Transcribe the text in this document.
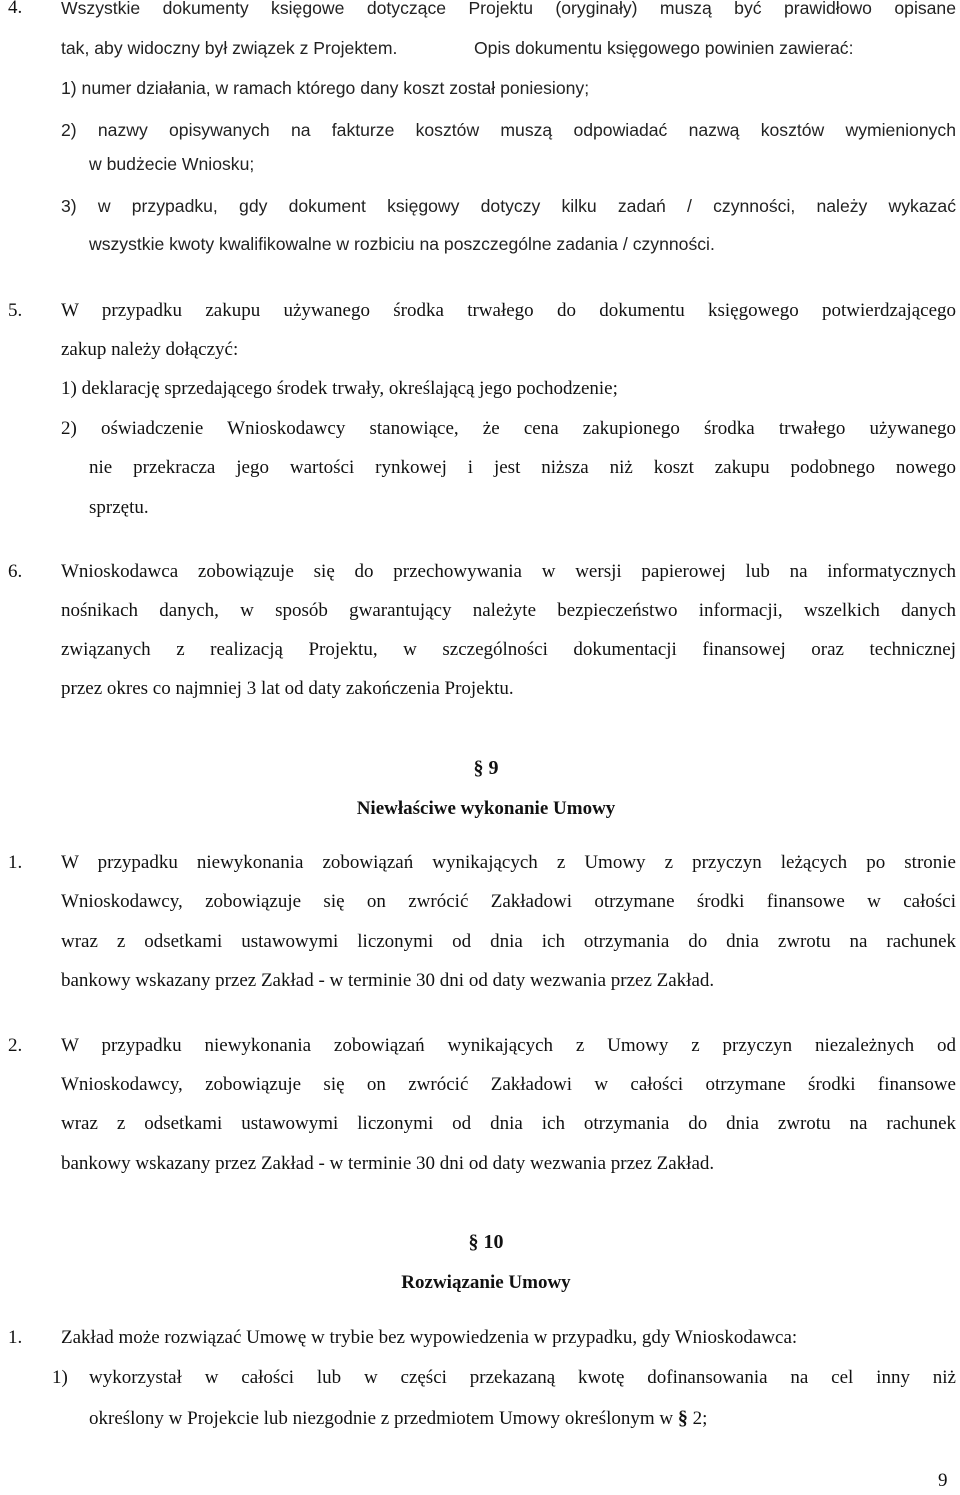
4. Wszystkie dokumenty księgowe dotyczące Projektu (oryginały) muszą być prawidłowo opisane
tak, aby widoczny był związek z Projektem.	Opis dokumentu księgowego powinien zawierać:
1) numer działania, w ramach którego dany koszt został poniesiony;
2) nazwy opisywanych na fakturze kosztów muszą odpowiadać nazwą kosztów wymienionych
w budżecie Wniosku;
3) w przypadku, gdy dokument księgowy dotyczy kilku zadań / czynności, należy wykazać
wszystkie kwoty kwalifikowalne w rozbiciu na poszczególne zadania / czynności.
5. W przypadku zakupu używanego środka trwałego do dokumentu księgowego potwierdzającego
zakup należy dołączyć:
1) deklarację sprzedającego środek trwały, określającą jego pochodzenie;
2) oświadczenie Wnioskodawcy stanowiące, że cena zakupionego środka trwałego używanego
nie przekracza jego wartości rynkowej i jest niższa niż koszt zakupu podobnego nowego
sprzętu.
6. Wnioskodawca zobowiązuje się do przechowywania w wersji papierowej lub na informatycznych
nośnikach danych, w sposób gwarantujący należyte bezpieczeństwo informacji, wszelkich danych
związanych z realizacją Projektu, w szczególności dokumentacji finansowej oraz technicznej
przez okres co najmniej 3 lat od daty zakończenia Projektu.
§ 9
Niewłaściwe wykonanie Umowy
1. W przypadku niewykonania zobowiązań wynikających z Umowy z przyczyn leżących po stronie
Wnioskodawcy, zobowiązuje się on zwrócić Zakładowi otrzymane środki finansowe w całości
wraz z odsetkami ustawowymi liczonymi od dnia ich otrzymania do dnia zwrotu na rachunek
bankowy wskazany przez Zakład - w terminie 30 dni od daty wezwania przez Zakład.
2. W przypadku niewykonania zobowiązań wynikających z Umowy z przyczyn niezależnych od
Wnioskodawcy, zobowiązuje się on zwrócić Zakładowi w całości otrzymane środki finansowe
wraz z odsetkami ustawowymi liczonymi od dnia ich otrzymania do dnia zwrotu na rachunek
bankowy wskazany przez Zakład - w terminie 30 dni od daty wezwania przez Zakład.
§ 10
Rozwiązanie Umowy
1. Zakład może rozwiązać Umowę w trybie bez wypowiedzenia w przypadku, gdy Wnioskodawca:
1) wykorzystał w całości lub w części przekazaną kwotę dofinansowania na cel inny niż
określony w Projekcie lub niezgodnie z przedmiotem Umowy określonym w § 2;
9
